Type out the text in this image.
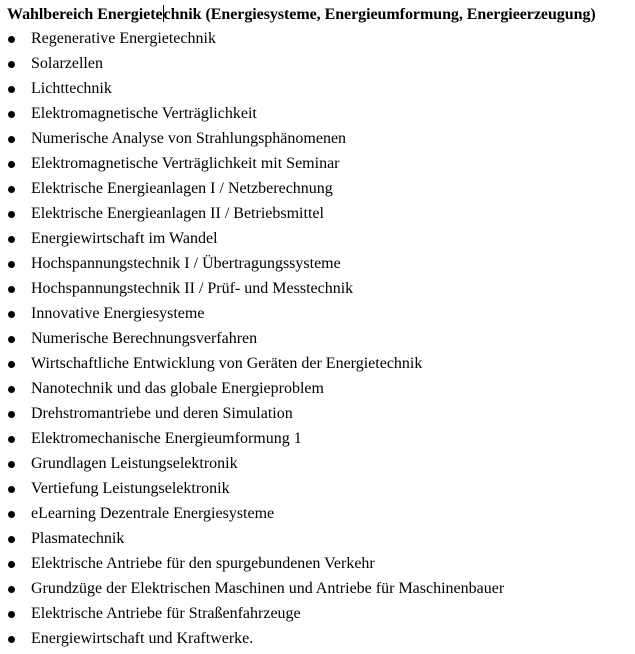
Wahlbereich Energietechnik (Energiesysteme, Energieumformung, Energieerzeugung)
Regenerative Energietechnik
Solarzellen
Lichttechnik
Elektromagnetische Verträglichkeit
Numerische Analyse von Strahlungsphänomenen
Elektromagnetische Verträglichkeit mit Seminar
Elektrische Energieanlagen I / Netzberechnung
Elektrische Energieanlagen II / Betriebsmittel
Energiewirtschaft im Wandel
Hochspannungstechnik I / Übertragungssysteme
Hochspannungstechnik II / Prüf- und Messtechnik
Innovative Energiesysteme
Numerische Berechnungsverfahren
Wirtschaftliche Entwicklung von Geräten der Energietechnik
Nanotechnik und das globale Energieproblem
Drehstromantriebe und deren Simulation
Elektromechanische Energieumformung 1
Grundlagen Leistungselektronik
Vertiefung Leistungselektronik
eLearning Dezentrale Energiesysteme
Plasmatechnik
Elektrische Antriebe für den spurgebundenen Verkehr
Grundzüge der Elektrischen Maschinen und Antriebe für Maschinenbauer
Elektrische Antriebe für Straßenfahrzeuge
Energiewirtschaft und Kraftwerke.
